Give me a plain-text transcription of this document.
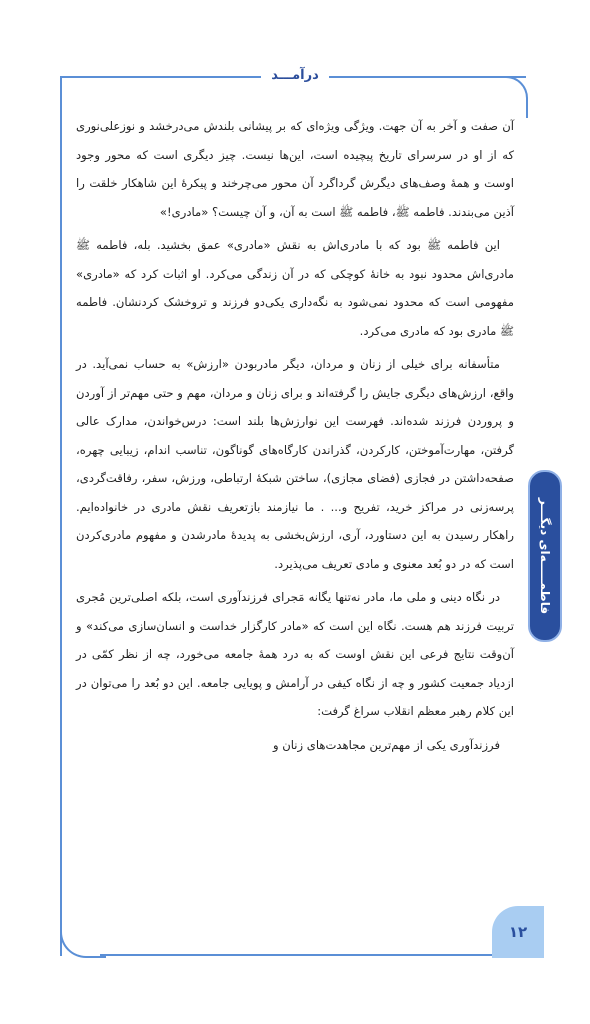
درآمـــد
فاطمـــــه‌ای دیگـــر
۱۲

آن صفت و آخر به آن جهت. ویژگی ویژه‌ای که بر پیشانی بلندش می‌درخشد و نوزعلی‌نوری که از او در سرسرای تاریخ پیچیده است، این‌ها نیست. چیز دیگری است که محور وجود اوست و همهٔ وصف‌های دیگرش گرداگرد آن محور می‌چرخند و پیکرهٔ این شاهکار خلقت را آذین می‌بندند. فاطمه ﷺ، فاطمه ﷺ است به آن، و آن چیست؟ «مادری!»

این فاطمه ﷺ بود که با مادری‌اش به نقش «مادری» عمق بخشید. بله، فاطمه ﷺ مادری‌اش محدود نبود به خانهٔ کوچکی که در آن زندگی می‌کرد. او اثبات کرد که «مادری» مفهومی است که محدود نمی‌شود به نگه‌داری یکی‌دو فرزند و تروخشک کردنشان. فاطمه ﷺ مادری بود که مادری می‌کرد.

متأسفانه برای خیلی از زنان و مردان، دیگر مادربودن «ارزش» به حساب نمی‌آید. در واقع، ارزش‌های دیگری جایش را گرفته‌اند و برای زنان و مردان، مهم و حتی مهم‌تر از آوردن و پروردن فرزند شده‌اند. فهرست این نوارزش‌ها بلند است: درس‌خواندن، مدارک عالی گرفتن، مهارت‌آموختن، کارکردن، گذراندن کارگاه‌های گوناگون، تناسب اندام، زیبایی چهره، صفحه‌داشتن در فجازی (فضای مجازی)، ساختن شبکهٔ ارتباطی، ورزش، سفر، رفاقت‌گردی، پرسه‌زنی در مراکز خرید، تفریح و... . ما نیازمند بازتعریف نقش مادری در خانواده‌ایم. راهکار رسیدن به این دستاورد، آری، ارزش‌بخشی به پدیدهٔ مادرشدن و مفهوم مادری‌کردن است که در دو بُعد معنوی و مادی تعریف می‌پذیرد.

در نگاه دینی و ملی ما، مادر نه‌تنها یگانه مَجرای فرزندآوری است، بلکه اصلی‌ترین مُجری تربیت فرزند هم هست. نگاه این است که «مادر کارگزار خداست و انسان‌سازی می‌کند» و آن‌وقت نتایج فرعی این نقش اوست که به درد همهٔ جامعه می‌خورد، چه از نظر کمّی در ازدیاد جمعیت کشور و چه از نگاه کیفی در آرامش و پویایی جامعه. این دو بُعد را می‌توان در این کلام رهبر معظم انقلاب سراغ گرفت:

فرزندآوری یکی از مهم‌ترین مجاهدت‌های زنان و
